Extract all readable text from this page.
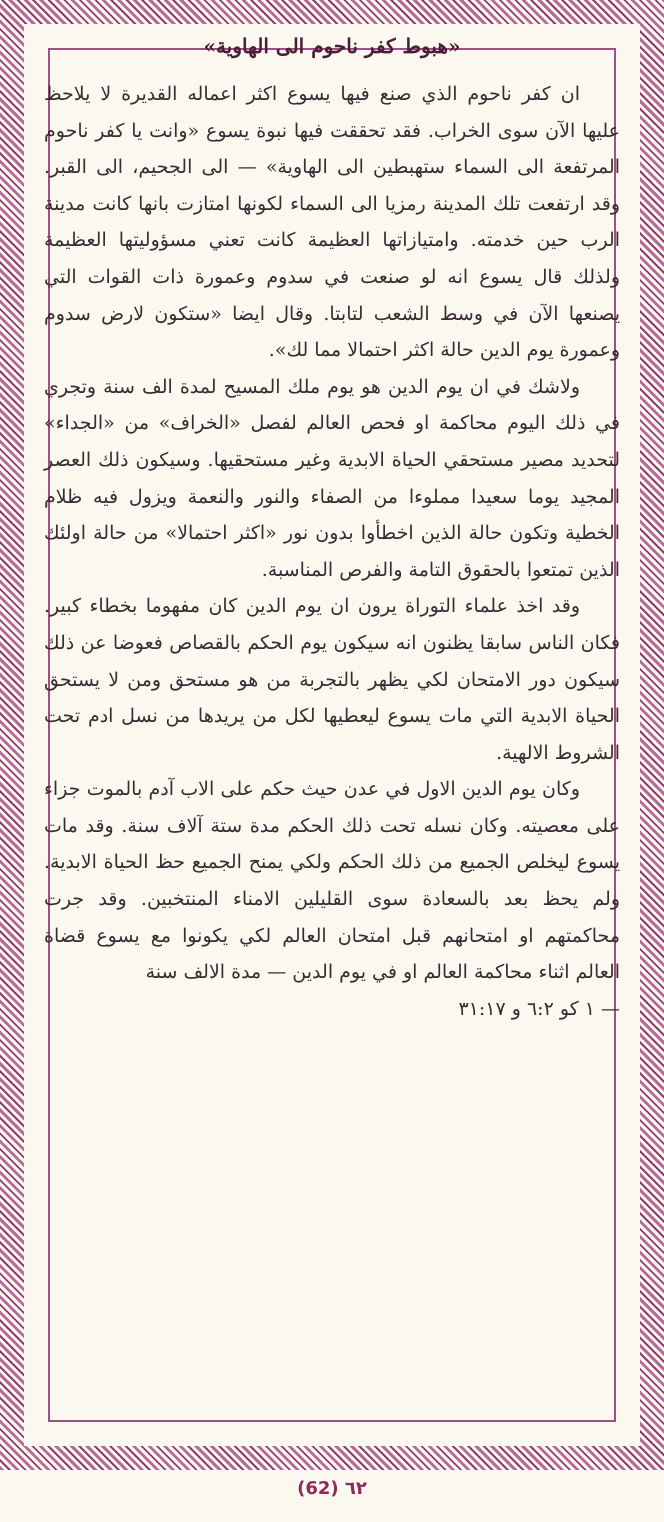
«هبوط كفر ناحوم الى الهاوية»

ان كفر ناحوم الذي صنع فيها يسوع اكثر اعماله القديرة لا يلاحظ عليها الآن سوى الخراب. فقد تحققت فيها نبوة يسوع «وانت يا كفر ناحوم المرتفعة الى السماء ستهبطين الى الهاوية» — الى الجحيم، الى القبر. وقد ارتفعت تلك المدينة رمزيا الى السماء لكونها امتازت بانها كانت مدينة الرب حين خدمته. وامتيازاتها العظيمة كانت تعني مسؤوليتها العظيمة ولذلك قال يسوع انه لو صنعت في سدوم وعمورة ذات القوات التي يصنعها الآن في وسط الشعب لتابتا. وقال ايضا «ستكون لارض سدوم وعمورة يوم الدين حالة اكثر احتمالا مما لك».

ولاشك في ان يوم الدين هو يوم ملك المسيح لمدة الف سنة وتجري في ذلك اليوم محاكمة او فحص العالم لفصل «الخراف» من «الجداء» لتحديد مصير مستحقي الحياة الابدية وغير مستحقيها. وسيكون ذلك العصر المجيد يوما سعيدا مملوءا من الصفاء والنور والنعمة ويزول فيه ظلام الخطية وتكون حالة الذين اخطأوا بدون نور «اكثر احتمالا» من حالة اولئك الذين تمتعوا بالحقوق التامة والفرص المناسبة.

وقد اخذ علماء التوراة يرون ان يوم الدين كان مفهوما بخطاء كبير. فكان الناس سابقا يظنون انه سيكون يوم الحكم بالقصاص فعوضا عن ذلك سيكون دور الامتحان لكي يظهر بالتجربة من هو مستحق ومن لا يستحق الحياة الابدية التي مات يسوع ليعطيها لكل من يريدها من نسل ادم تحت الشروط الالهية.

وكان يوم الدين الاول في عدن حيث حكم على الاب آدم بالموت جزاء على معصيته. وكان نسله تحت ذلك الحكم مدة ستة آلاف سنة. وقد مات يسوع ليخلص الجميع من ذلك الحكم ولكي يمنح الجميع حظ الحياة الابدية. ولم يحظ بعد بالسعادة سوى القليلين الامناء المنتخبين. وقد جرت محاكمتهم او امتحانهم قبل امتحان العالم لكي يكونوا مع يسوع قضاة العالم اثناء محاكمة العالم او في يوم الدين — مدة الالف سنة

— ١ كو ٦:٢ و ٣١:١٧

(62) ٦٢
